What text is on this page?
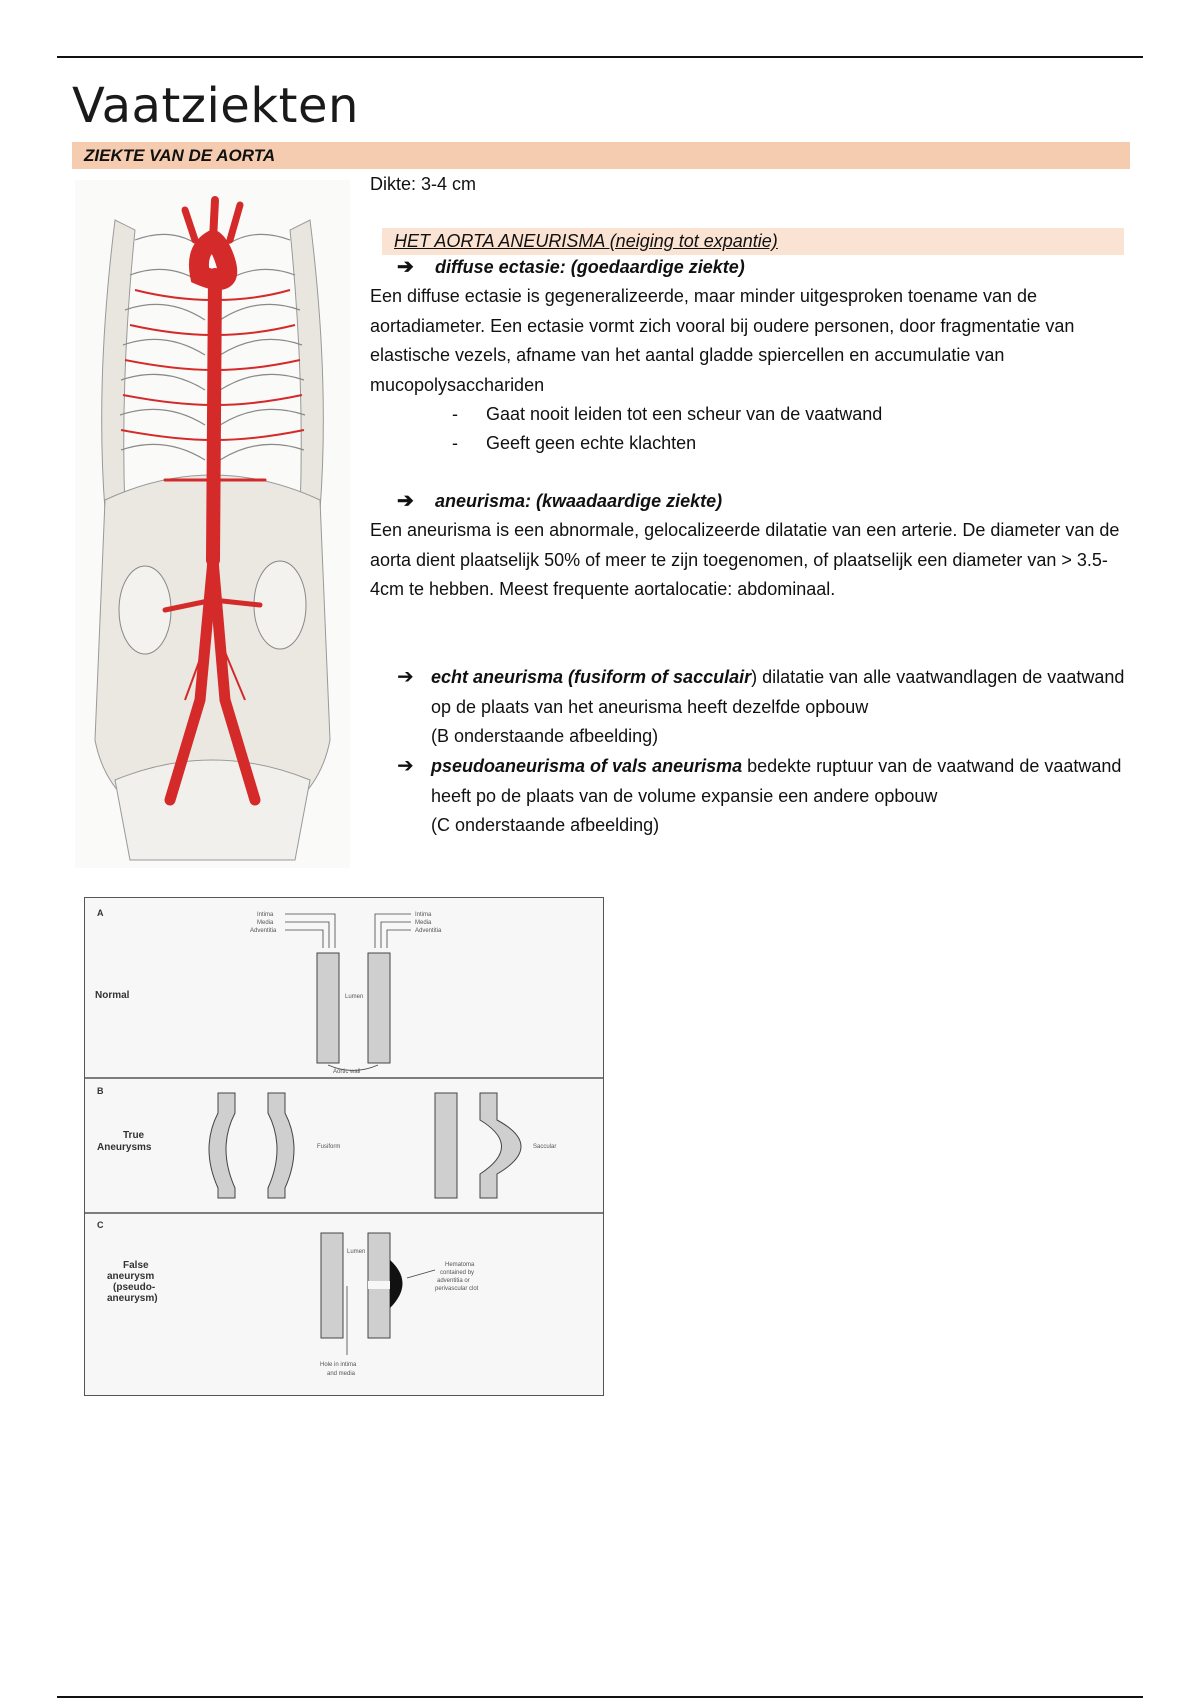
Vaatziekten
ZIEKTE VAN DE AORTA
Dikte: 3-4 cm
HET AORTA ANEURISMA (neiging tot expantie)
➔ diffuse ectasie: (goedaardige ziekte)
Een diffuse ectasie is gegeneralizeerde, maar minder uitgesproken toename van de aortadiameter. Een ectasie vormt zich vooral bij oudere personen, door fragmentatie van elastische vezels, afname van het aantal gladde spiercellen en accumulatie van mucopolysacchariden
- Gaat nooit leiden tot een scheur van de vaatwand
- Geeft geen echte klachten
➔ aneurisma: (kwaadaardige ziekte)
Een aneurisma is een abnormale, gelocalizeerde dilatatie van een arterie. De diameter van de aorta dient plaatselijk 50% of meer te zijn toegenomen, of plaatselijk een diameter van > 3.5-4cm te hebben. Meest frequente aortalocatie: abdominaal.
➔ echt aneurisma (fusiform of sacculair) dilatatie van alle vaatwandlagen de vaatwand op de plaats van het aneurisma heeft dezelfde opbouw
(B onderstaande afbeelding)
➔ pseudoaneurisma of vals aneurisma bedekte ruptuur van de vaatwand de vaatwand heeft po de plaats van de volume expansie een andere opbouw
(C onderstaande afbeelding)
A
B
C
Normal	Lumen
Intima
Media
Adventitia
Intima
Media
Adventitia
Aortic wall
True
Aneurysms	Fusiform	Saccular
False
aneurysm
(pseudo-
aneurysm)
Lumen
Hematoma
contained by
adventitia or
perivascular clot
Hole in intima
and media
